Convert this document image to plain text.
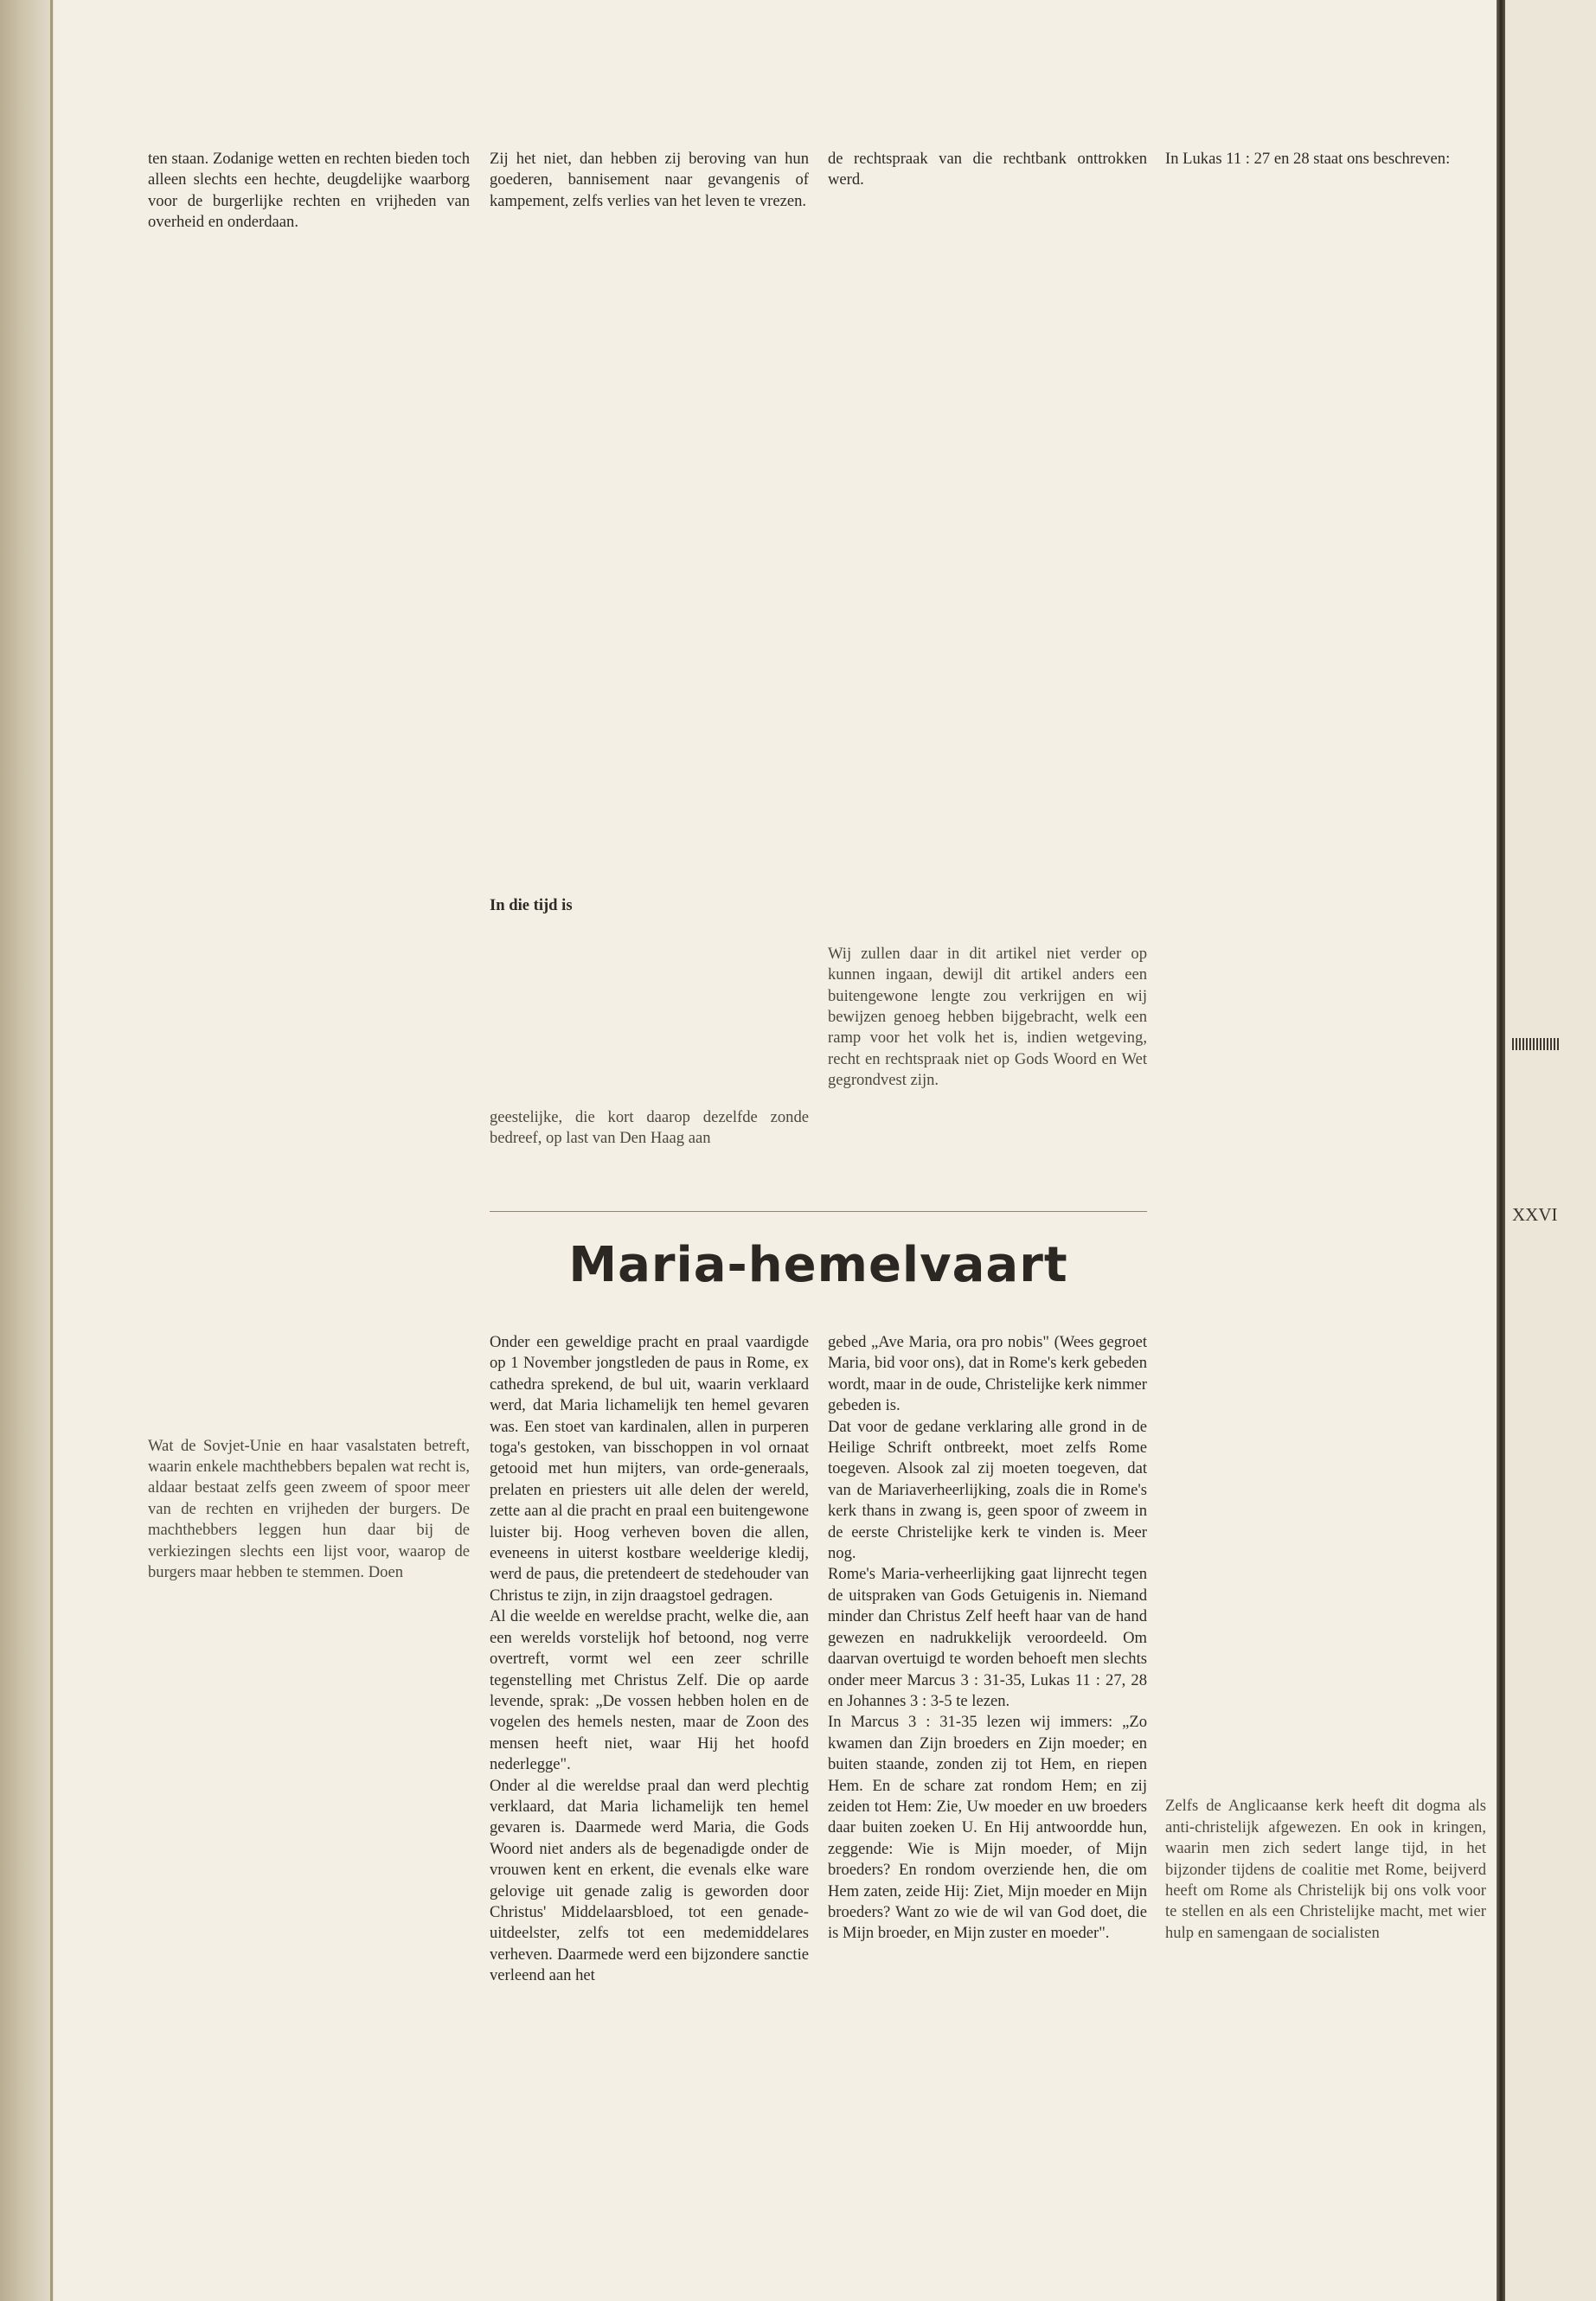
ten staan. Zodanige wetten en rechten bieden toch alleen slechts een hechte, deugdelijke waarborg voor de burgerlijke rechten en vrijheden van overheid en onderdaan.

Wat de Sovjet-Unie en haar vasalstaten betreft, waarin enkele machthebbers bepalen wat recht is, aldaar bestaat zelfs geen zweem of spoor meer van de rechten en vrijheden der burgers. De machthebbers leggen hun daar bij de verkiezingen slechts een lijst voor, waarop de burgers maar hebben te stemmen. Doen

Zij het niet, dan hebben zij beroving van hun goederen, bannisement naar gevangenis of kampement, zelfs verlies van het leven te vrezen.

In die tijd is

geestelijke, die kort daarop dezelfde zonde bedreef, op last van Den Haag aan

de rechtspraak van die rechtbank onttrokken werd.

Wij zullen daar in dit artikel niet verder op kunnen ingaan, dewijl dit artikel anders een buitengewone lengte zou verkrijgen en wij bewijzen genoeg hebben bijgebracht, welk een ramp voor het volk het is, indien wetgeving, recht en rechtspraak niet op Gods Woord en Wet gegrondvest zijn.

In Lukas 11 : 27 en 28 staat ons beschreven:

Zelfs de Anglicaanse kerk heeft dit dogma als anti-christelijk afgewezen. En ook in kringen, waarin men zich sedert lange tijd, in het bijzonder tijdens de coalitie met Rome, beijverd heeft om Rome als Christelijk bij ons volk voor te stellen en als een Christelijke macht, met wier hulp en samengaan de socialisten

Maria-hemelvaart

Onder een geweldige pracht en praal vaardigde op 1 November jongstleden de paus in Rome, ex cathedra sprekend, de bul uit, waarin verklaard werd, dat Maria lichamelijk ten hemel gevaren was. Een stoet van kardinalen, allen in purperen toga's gestoken, van bisschoppen in vol ornaat getooid met hun mijters, van orde-generaals, prelaten en priesters uit alle delen der wereld, zette aan al die pracht en praal een buitengewone luister bij. Hoog verheven boven die allen, eveneens in uiterst kostbare weelderige kledij, werd de paus, die pretendeert de stedehouder van Christus te zijn, in zijn draagstoel gedragen.

Al die weelde en wereldse pracht, welke die, aan een werelds vorstelijk hof betoond, nog verre overtreft, vormt wel een zeer schrille tegenstelling met Christus Zelf. Die op aarde levende, sprak: „De vossen hebben holen en de vogelen des hemels nesten, maar de Zoon des mensen heeft niet, waar Hij het hoofd nederlegge".

Onder al die wereldse praal dan werd plechtig verklaard, dat Maria lichamelijk ten hemel gevaren is. Daarmede werd Maria, die Gods Woord niet anders als de begenadigde onder de vrouwen kent en erkent, die evenals elke ware gelovige uit genade zalig is geworden door Christus' Middelaarsbloed, tot een genade-uitdeelster, zelfs tot een medemiddelares verheven. Daarmede werd een bijzondere sanctie verleend aan het

gebed „Ave Maria, ora pro nobis" (Wees gegroet Maria, bid voor ons), dat in Rome's kerk gebeden wordt, maar in de oude, Christelijke kerk nimmer gebeden is.

Dat voor de gedane verklaring alle grond in de Heilige Schrift ontbreekt, moet zelfs Rome toegeven. Alsook zal zij moeten toegeven, dat van de Mariaverheerlijking, zoals die in Rome's kerk thans in zwang is, geen spoor of zweem in de eerste Christelijke kerk te vinden is. Meer nog.

Rome's Maria-verheerlijking gaat lijnrecht tegen de uitspraken van Gods Getuigenis in. Niemand minder dan Christus Zelf heeft haar van de hand gewezen en nadrukkelijk veroordeeld. Om daarvan overtuigd te worden behoeft men slechts onder meer Marcus 3 : 31-35, Lukas 11 : 27, 28 en Johannes 3 : 3-5 te lezen.

In Marcus 3 : 31-35 lezen wij immers: „Zo kwamen dan Zijn broeders en Zijn moeder; en buiten staande, zonden zij tot Hem, en riepen Hem. En de schare zat rondom Hem; en zij zeiden tot Hem: Zie, Uw moeder en uw broeders daar buiten zoeken U. En Hij antwoordde hun, zeggende: Wie is Mijn moeder, of Mijn broeders? En rondom overziende hen, die om Hem zaten, zeide Hij: Ziet, Mijn moeder en Mijn broeders? Want zo wie de wil van God doet, die is Mijn broeder, en Mijn zuster en moeder".

XXVI
